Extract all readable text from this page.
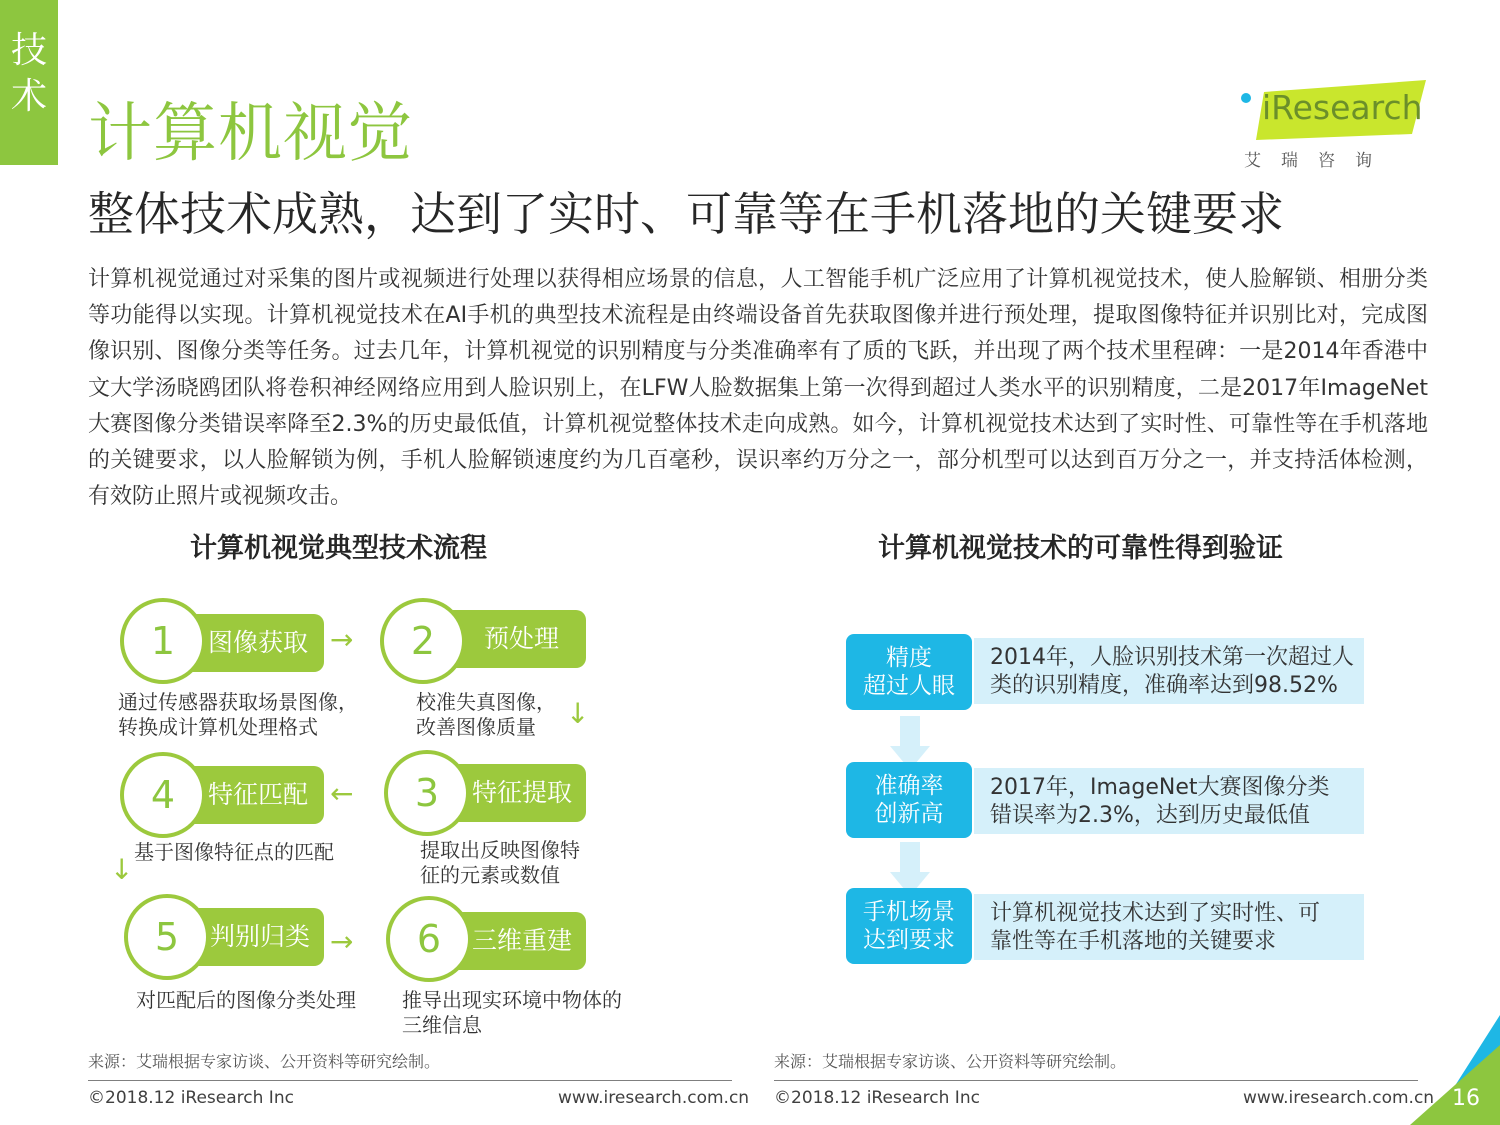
技术
计算机视觉
整体技术成熟，达到了实时、可靠等在手机落地的关键要求
iResearch
艾瑞咨询
计算机视觉通过对采集的图片或视频进行处理以获得相应场景的信息，人工智能手机广泛应用了计算机视觉技术，使人脸解锁、相册分类等功能得以实现。计算机视觉技术在AI手机的典型技术流程是由终端设备首先获取图像并进行预处理，提取图像特征并识别比对，完成图像识别、图像分类等任务。过去几年，计算机视觉的识别精度与分类准确率有了质的飞跃，并出现了两个技术里程碑：一是2014年香港中文大学汤晓鸥团队将卷积神经网络应用到人脸识别上，在LFW人脸数据集上第一次得到超过人类水平的识别精度，二是2017年ImageNet大赛图像分类错误率降至2.3%的历史最低值，计算机视觉整体技术走向成熟。如今，计算机视觉技术达到了实时性、可靠性等在手机落地的关键要求，以人脸解锁为例，手机人脸解锁速度约为几百毫秒，误识率约万分之一，部分机型可以达到百万分之一，并支持活体检测，有效防止照片或视频攻击。
计算机视觉典型技术流程	计算机视觉技术的可靠性得到验证
图像获取
1
通过传感器获取场景图像，
转换成计算机处理格式
→	预处理
2
校准失真图像，
改善图像质量 ↓
特征匹配
4
基于图像特征点的匹配
←	特征提取
3
提取出反映图像特
征的元素或数值
↓
判别归类
5
对匹配后的图像分类处理
→	三维重建
6
推导出现实环境中物体的
三维信息
2014年，人脸识别技术第一次超过人
类的识别精度，准确率达到98.52%
精度
超过人眼
2017年，ImageNet大赛图像分类
错误率为2.3%，达到历史最低值
准确率
创新高
计算机视觉技术达到了实时性、可
靠性等在手机落地的关键要求
手机场景
达到要求
来源：艾瑞根据专家访谈、公开资料等研究绘制。	来源：艾瑞根据专家访谈、公开资料等研究绘制。
©2018.12 iResearch Inc	www.iresearch.com.cn ©2018.12 iResearch Inc	www.iresearch.com.cn 16
